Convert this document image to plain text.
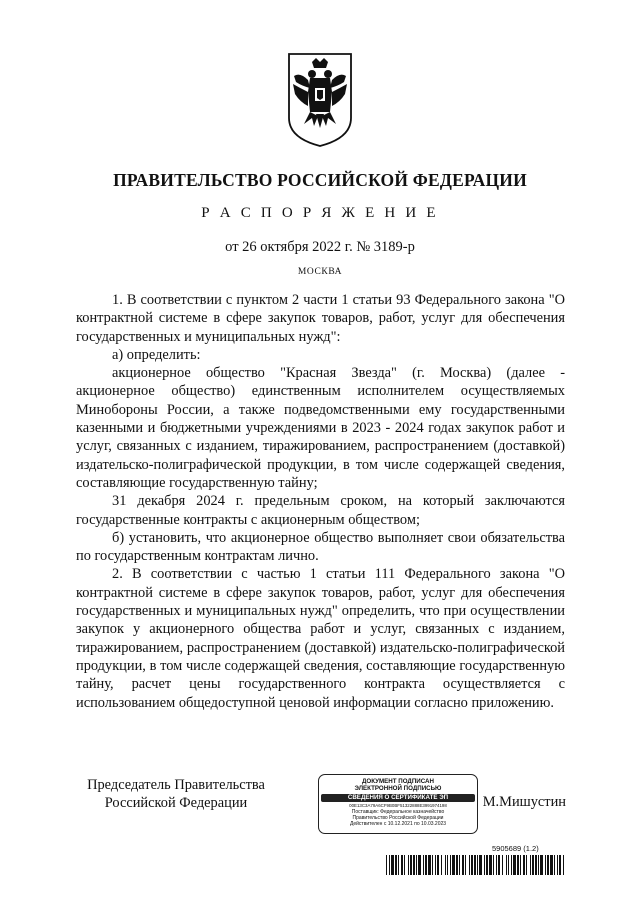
ПРАВИТЕЛЬСТВО РОССИЙСКОЙ ФЕДЕРАЦИИ
Р А С П О Р Я Ж Е Н И Е
от 26 октября 2022 г. № 3189-р
МОСКВА

1. В соответствии с пунктом 2 части 1 статьи 93 Федерального закона "О контрактной системе в сфере закупок товаров, работ, услуг для обеспечения государственных и муниципальных нужд":

а) определить:

акционерное общество "Красная Звезда" (г. Москва) (далее - акционерное общество) единственным исполнителем осуществляемых Минобороны России, а также подведомственными ему государственными казенными и бюджетными учреждениями в 2023 - 2024 годах закупок работ и услуг, связанных с изданием, тиражированием, распространением (доставкой) издательско-полиграфической продукции, в том числе содержащей сведения, составляющие государственную тайну;

31 декабря 2024 г. предельным сроком, на который заключаются государственные контракты с акционерным обществом;

б) установить, что акционерное общество выполняет свои обязательства по государственным контрактам лично.

2. В соответствии с частью 1 статьи 111 Федерального закона "О контрактной системе в сфере закупок товаров, работ, услуг для обеспечения государственных и муниципальных нужд" определить, что при осуществлении закупок у акционерного общества работ и услуг, связанных с изданием, тиражированием, распространением (доставкой) издательско-полиграфической продукции, в том числе содержащей сведения, составляющие государственную тайну, расчет цены государственного контракта осуществляется с использованием общедоступной ценовой информации согласно приложению.

Председатель Правительства
Российской Федерации
ДОКУМЕНТ ПОДПИСАН
ЭЛЕКТРОННОЙ ПОДПИСЬЮ
СВЕДЕНИЯ О СЕРТИФИКАТЕ ЭП
00E13C3A79A6CF9B0BF51322888E3991974198
Поставщик: Федеральное казначейство
Правительство Российской Федерации
Действителен с 10.12.2021 по 10.03.2023
М.Мишустин
5905689 (1.2)
